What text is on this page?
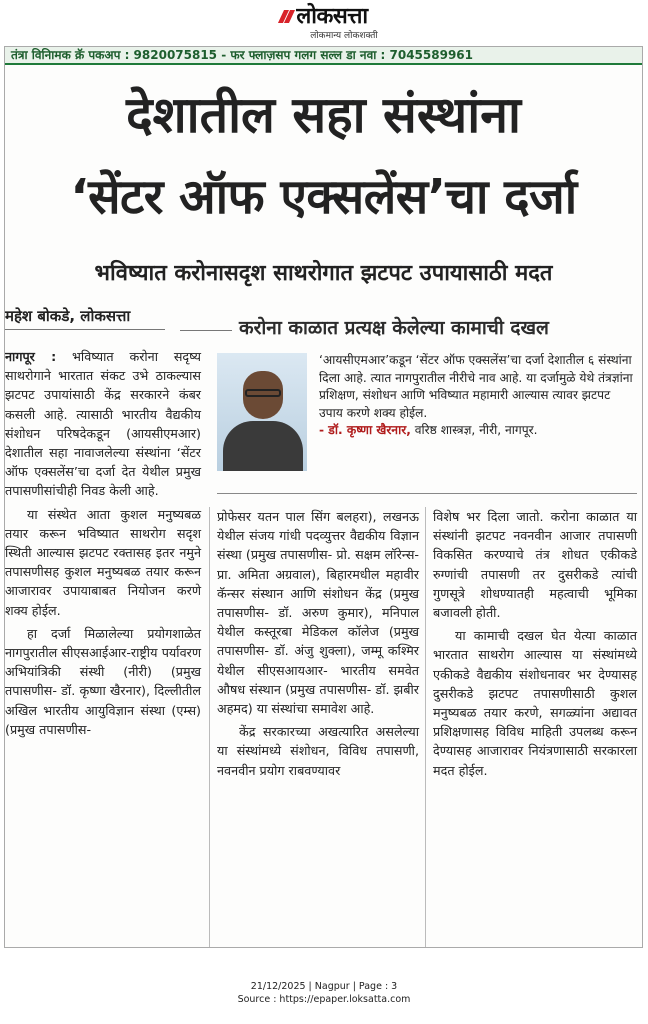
लोकसत्ता
लोकमान्य लोकशक्ती
तंत्रा विनिामक क्रॅ पकअप : 9820075815 - फर फ्लाज़सप गलग सल्ल डा नवा : 7045589961
देशातील सहा संस्थांना
‘सेंटर ऑफ एक्सलेंस’चा दर्जा
भविष्यात करोनासदृश साथरोगात झटपट उपायासाठी मदत
महेश बोकडे, लोकसत्ता
करोना काळात प्रत्यक्ष केलेल्या कामाची दखल
‘आयसीएमआर’कडून ‘सेंटर ऑफ एक्सलेंस’चा दर्जा देशातील ६ संस्थांना दिला आहे. त्यात नागपुरातील नीरीचे नाव आहे. या दर्जामुळे येथे तंत्रज्ञांना प्रशिक्षण, संशोधन आणि भविष्यात महामारी आल्यास त्यावर झटपट उपाय करणे शक्य होईल.
- डॉ. कृष्णा खैरनार, वरिष्ठ शास्त्रज्ञ, नीरी, नागपूर.

नागपूर : भविष्यात करोना सदृष्य साथरोगाने भारतात संकट उभे ठाकल्यास झटपट उपायांसाठी केंद्र सरकारने कंबर कसली आहे. त्यासाठी भारतीय वैद्यकीय संशोधन परिषदेकडून (आयसीएमआर) देशातील सहा नावाजलेल्या संस्थांना ‘सेंटर ऑफ एक्सलेंस’चा दर्जा देत येथील प्रमुख तपासणीसांचीही निवड केली आहे.

या संस्थेत आता कुशल मनुष्यबळ तयार करून भविष्यात साथरोग सदृश स्थिती आल्यास झटपट रक्तासह इतर नमुने तपासणीसह कुशल मनुष्यबळ तयार करून आजारावर उपायाबाबत नियोजन करणे शक्य होईल.

हा दर्जा मिळालेल्या प्रयोगशाळेत नागपुरातील सीएसआईआर-राष्ट्रीय पर्यावरण अभियांत्रिकी संस्थी (नीरी) (प्रमुख तपासणीस- डॉ. कृष्णा खैरनार), दिल्लीतील अखिल भारतीय आयुविज्ञान संस्था (एम्स) (प्रमुख तपासणीस-

प्रोफेसर यतन पाल सिंग बलहरा), लखनऊ येथील संजय गांधी पदव्युत्तर वैद्यकीय विज्ञान संस्था (प्रमुख तपासणीस- प्रो. सक्षम लॉरेन्स- प्रा. अमिता अग्रवाल), बिहारमधील महावीर कॅन्सर संस्थान आणि संशोधन केंद्र (प्रमुख तपासणीस- डॉ. अरुण कुमार), मनिपाल येथील कस्तूरबा मेडिकल कॉलेज (प्रमुख तपासणीस- डॉ. अंजु शुक्ला), जम्मू कश्मिर येथील सीएसआयआर- भारतीय समवेत औषध संस्थान (प्रमुख तपासणीस- डॉ. झबीर अहमद) या संस्थांचा समावेश आहे.

केंद्र सरकारच्या अखत्यारित असलेल्या या संस्थांमध्ये संशोधन, विविध तपासणी, नवनवीन प्रयोग राबवण्यावर

विशेष भर दिला जातो. करोना काळात या संस्थांनी झटपट नवनवीन आजार तपासणी विकसित करण्याचे तंत्र शोधत एकीकडे रुग्णांची तपासणी तर दुसरीकडे त्यांची गुणसूत्रे शोधण्यातही महत्वाची भूमिका बजावली होती.

या कामाची दखल घेत येत्या काळात भारतात साथरोग आल्यास या संस्थांमध्ये एकीकडे वैद्यकीय संशोधनावर भर देण्यासह दुसरीकडे झटपट तपासणीसाठी कुशल मनुष्यबळ तयार करणे, सगळ्यांना अद्यावत प्रशिक्षणासह विविध माहिती उपलब्ध करून देण्यासह आजारावर नियंत्रणासाठी सरकारला मदत होईल.

21/12/2025 | Nagpur | Page : 3
Source : https://epaper.loksatta.com
